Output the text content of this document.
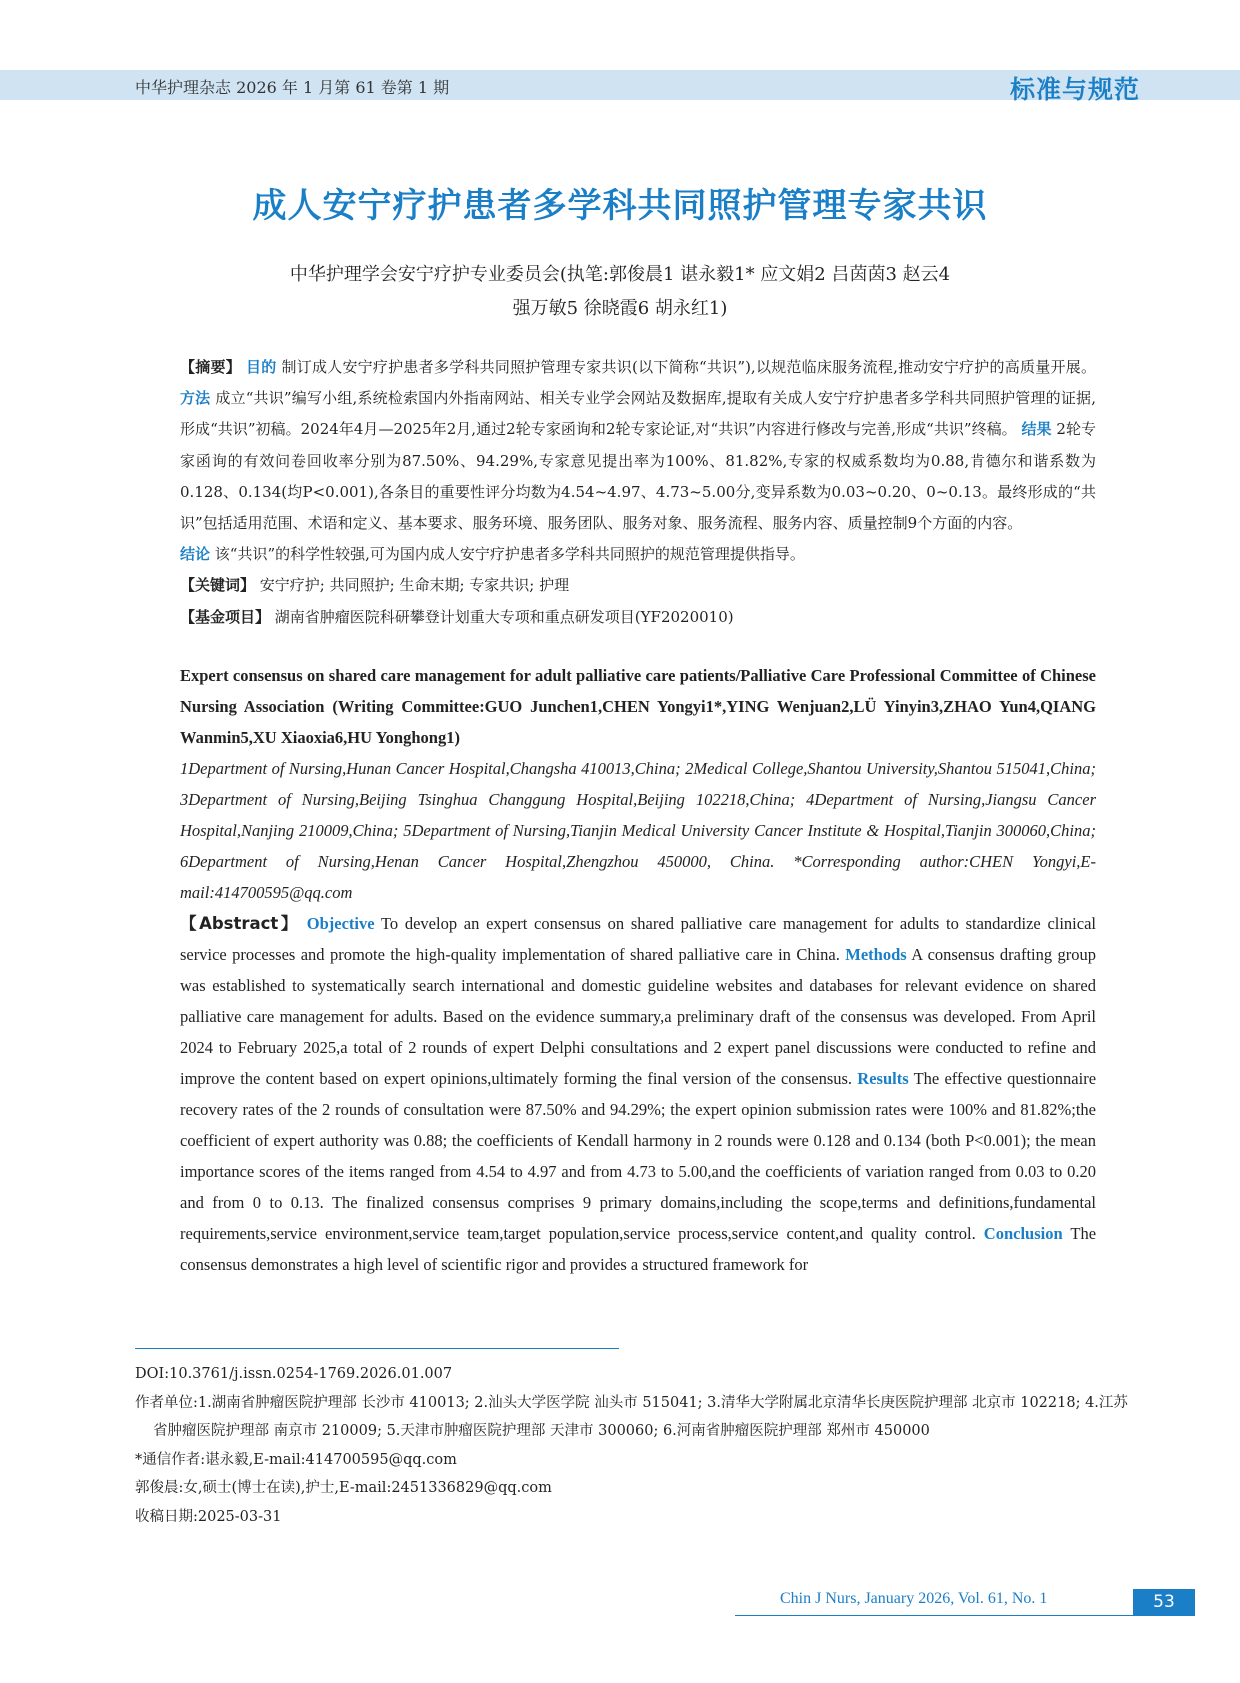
中华护理杂志 2026 年 1 月第 61 卷第 1 期	标准与规范
成人安宁疗护患者多学科共同照护管理专家共识
中华护理学会安宁疗护专业委员会(执笔:郭俊晨1 谌永毅1* 应文娟2 吕茵茵3 赵云4
强万敏5 徐晓霞6 胡永红1)
【摘要】 目的 制订成人安宁疗护患者多学科共同照护管理专家共识(以下简称“共识”),以规范临床服务流程,推动安宁疗护的高质量开展。 方法 成立“共识”编写小组,系统检索国内外指南网站、相关专业学会网站及数据库,提取有关成人安宁疗护患者多学科共同照护管理的证据,形成“共识”初稿。2024年4月—2025年2月,通过2轮专家函询和2轮专家论证,对“共识”内容进行修改与完善,形成“共识”终稿。 结果 2轮专家函询的有效问卷回收率分别为87.50%、94.29%,专家意见提出率为100%、81.82%,专家的权威系数均为0.88,肯德尔和谐系数为0.128、0.134(均P<0.001),各条目的重要性评分均数为4.54~4.97、4.73~5.00分,变异系数为0.03~0.20、0~0.13。最终形成的“共识”包括适用范围、术语和定义、基本要求、服务环境、服务团队、服务对象、服务流程、服务内容、质量控制9个方面的内容。
结论 该“共识”的科学性较强,可为国内成人安宁疗护患者多学科共同照护的规范管理提供指导。
【关键词】 安宁疗护; 共同照护; 生命末期; 专家共识; 护理
【基金项目】 湖南省肿瘤医院科研攀登计划重大专项和重点研发项目(YF2020010)

Expert consensus on shared care management for adult palliative care patients/Palliative Care Professional Committee of Chinese Nursing Association (Writing Committee:GUO Junchen1,CHEN Yongyi1*,YING Wenjuan2,LÜ Yinyin3,ZHAO Yun4,QIANG Wanmin5,XU Xiaoxia6,HU Yonghong1)

1Department of Nursing,Hunan Cancer Hospital,Changsha 410013,China; 2Medical College,Shantou University,Shantou 515041,China; 3Department of Nursing,Beijing Tsinghua Changgung Hospital,Beijing 102218,China; 4Department of Nursing,Jiangsu Cancer Hospital,Nanjing 210009,China; 5Department of Nursing,Tianjin Medical University Cancer Institute & Hospital,Tianjin 300060,China; 6Department of Nursing,Henan Cancer Hospital,Zhengzhou 450000, China. *Corresponding author:CHEN Yongyi,E-mail:414700595@qq.com

【Abstract】 Objective To develop an expert consensus on shared palliative care management for adults to standardize clinical service processes and promote the high-quality implementation of shared palliative care in China. Methods A consensus drafting group was established to systematically search international and domestic guideline websites and databases for relevant evidence on shared palliative care management for adults. Based on the evidence summary,a preliminary draft of the consensus was developed. From April 2024 to February 2025,a total of 2 rounds of expert Delphi consultations and 2 expert panel discussions were conducted to refine and improve the content based on expert opinions,ultimately forming the final version of the consensus. Results The effective questionnaire recovery rates of the 2 rounds of consultation were 87.50% and 94.29%; the expert opinion submission rates were 100% and 81.82%;the coefficient of expert authority was 0.88; the coefficients of Kendall harmony in 2 rounds were 0.128 and 0.134 (both P<0.001); the mean importance scores of the items ranged from 4.54 to 4.97 and from 4.73 to 5.00,and the coefficients of variation ranged from 0.03 to 0.20 and from 0 to 0.13. The finalized consensus comprises 9 primary domains,including the scope,terms and definitions,fundamental requirements,service environment,service team,target population,service process,service content,and quality control. Conclusion The consensus demonstrates a high level of scientific rigor and provides a structured framework for

DOI:10.3761/j.issn.0254-1769.2026.01.007

作者单位:1.湖南省肿瘤医院护理部 长沙市 410013; 2.汕头大学医学院 汕头市 515041; 3.清华大学附属北京清华长庚医院护理部 北京市 102218; 4.江苏省肿瘤医院护理部 南京市 210009; 5.天津市肿瘤医院护理部 天津市 300060; 6.河南省肿瘤医院护理部 郑州市 450000

*通信作者:谌永毅,E-mail:414700595@qq.com

郭俊晨:女,硕士(博士在读),护士,E-mail:2451336829@qq.com

收稿日期:2025-03-31

Chin J Nurs, January 2026, Vol. 61, No. 1	53
